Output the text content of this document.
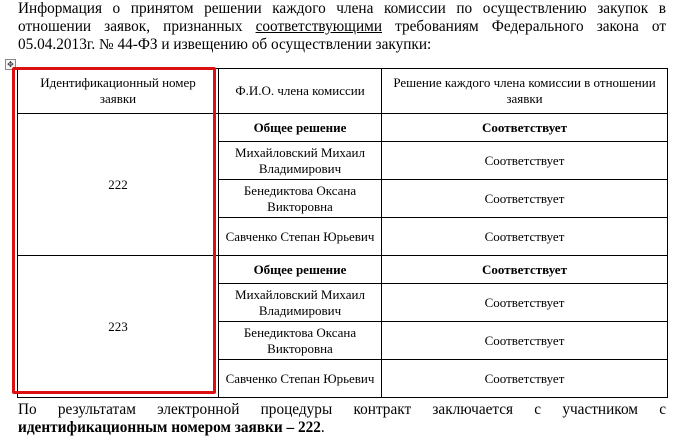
Информация о принятом решении каждого члена комиссии по осуществлению закупок в отношении заявок, признанных соответствующими требованиям Федерального закона от 05.04.2013г. № 44-ФЗ и извещению об осуществлении закупки:
✥
Идентификационный номер заявки	Ф.И.О. члена комиссии	Решение каждого члена комиссии в отношении заявки
222	Общее решение	Соответствует
	Михайловский Михаил Владимирович	Соответствует
	Бенедиктова Оксана Викторовна	Соответствует
	Савченко Степан Юрьевич	Соответствует
223	Общее решение	Соответствует
	Михайловский Михаил Владимирович	Соответствует
	Бенедиктова Оксана Викторовна	Соответствует
	Савченко Степан Юрьевич	Соответствует
По результатам электронной процедуры контракт заключается с участником с идентификационным номером заявки – 222.
